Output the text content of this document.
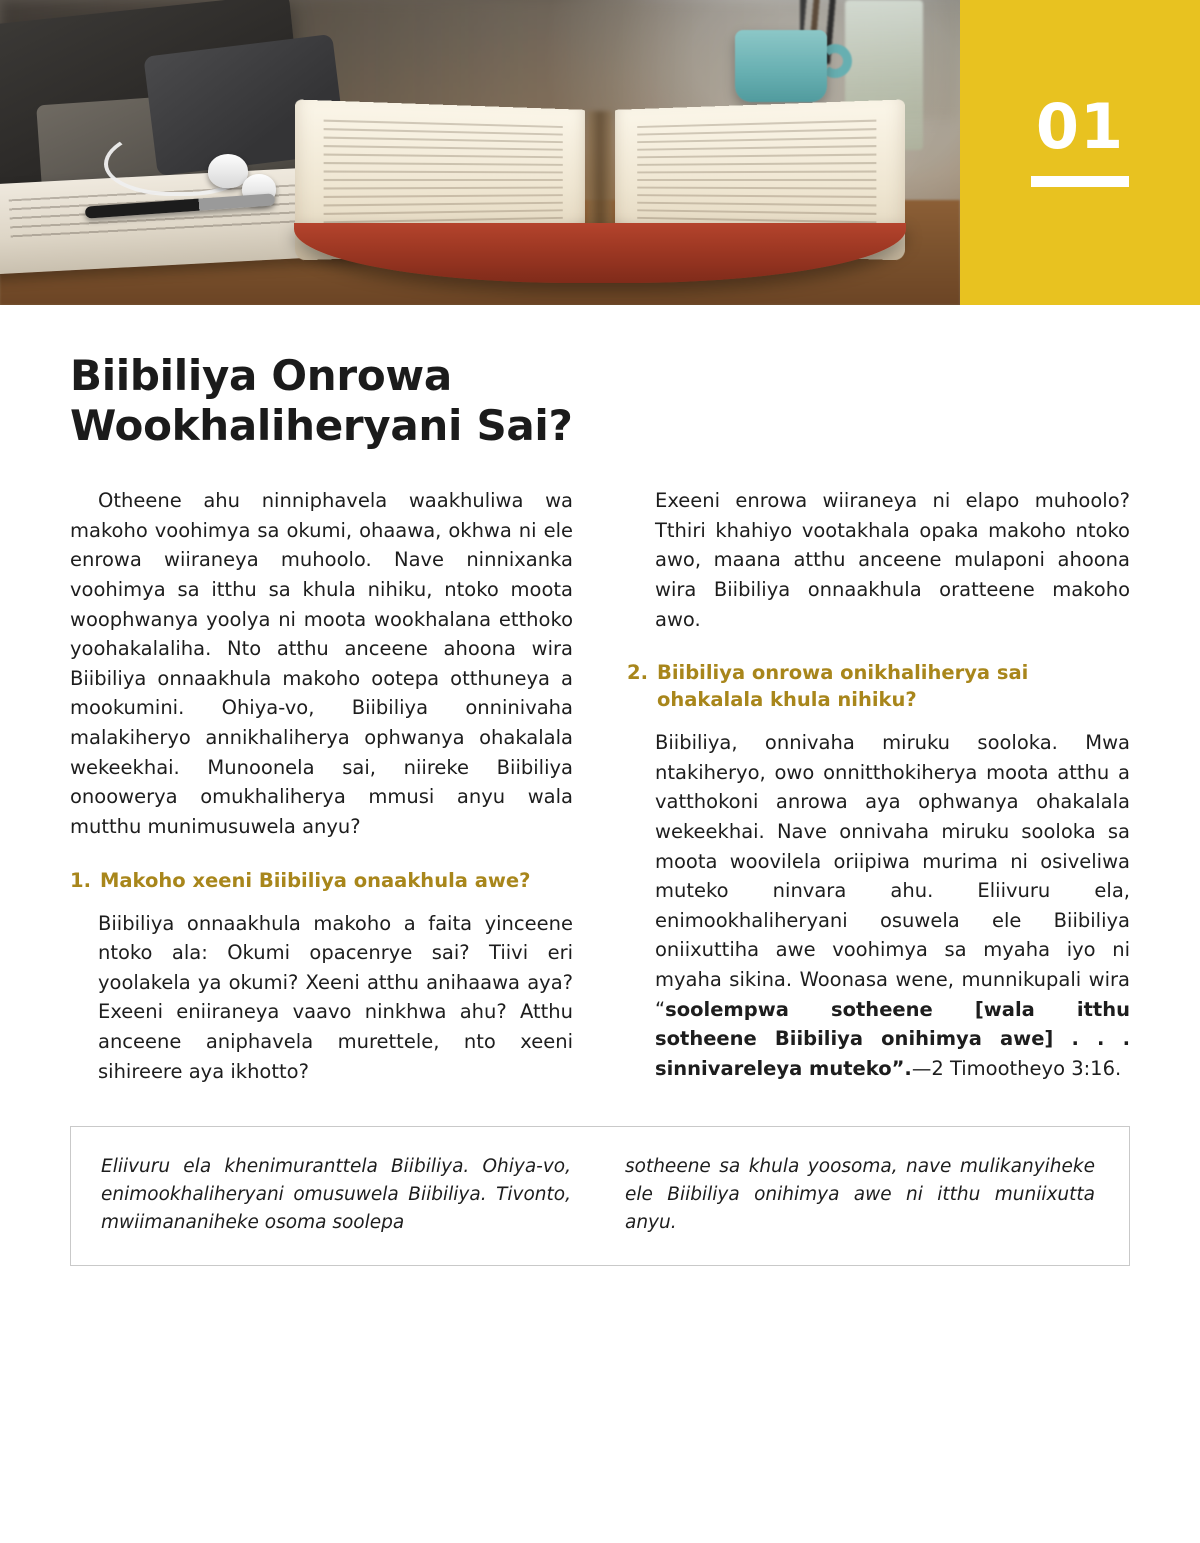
01
Biibiliya Onrowa Wookhaliheryani Sai?

Otheene ahu ninniphavela waakhuliwa wa makoho voohimya sa okumi, ohaawa, okhwa ni ele enrowa wiiraneya muhoolo. Nave ninnixanka voohimya sa itthu sa khula nihiku, ntoko moota woophwanya yoolya ni moota wookhalana etthoko yoohakalaliha. Nto atthu anceene ahoona wira Biibiliya onnaakhula makoho ootepa otthuneya a mookumini. Ohiya-vo, Biibiliya onninivaha malakiheryo annikhaliherya ophwanya ohakalala wekeekhai. Munoonela sai, niireke Biibiliya onoowerya omukhaliherya mmusi anyu wala mutthu munimusuwela anyu?

1. Makoho xeeni Biibiliya onaakhula awe?

Biibiliya onnaakhula makoho a faita yinceene ntoko ala: Okumi opacenrye sai? Tiivi eri yoolakela ya okumi? Xeeni atthu anihaawa aya? Exeeni eniiraneya vaavo ninkhwa ahu? Atthu anceene aniphavela murettele, nto xeeni sihireere aya ikhotto?

Exeeni enrowa wiiraneya ni elapo muhoolo? Tthiri khahiyo vootakhala opaka makoho ntoko awo, maana atthu anceene mulaponi ahoona wira Biibiliya onnaakhula oratteene makoho awo.

2. Biibiliya onrowa onikhaliherya sai ohakalala khula nihiku?

Biibiliya, onnivaha miruku sooloka. Mwa ntakiheryo, owo onnitthokiherya moota atthu a vatthokoni anrowa aya ophwanya ohakalala wekeekhai. Nave onnivaha miruku sooloka sa moota woovilela oriipiwa murima ni osiveliwa muteko ninvara ahu. Eliivuru ela, enimookhaliheryani osuwela ele Biibiliya oniixuttiha awe voohimya sa myaha iyo ni myaha sikina. Woonasa wene, munnikupali wira “soolempwa sotheene [wala itthu sotheene Biibiliya onihimya awe] . . . sinnivareleya muteko”.—2 Timootheyo 3:16.

Eliivuru ela khenimuranttela Biibiliya. Ohiya-vo, enimookhaliheryani omusuwela Biibiliya. Tivonto, mwiimananiheke osoma soolepa
sotheene sa khula yoosoma, nave mulikanyiheke ele Biibiliya onihimya awe ni itthu muniixutta anyu.
